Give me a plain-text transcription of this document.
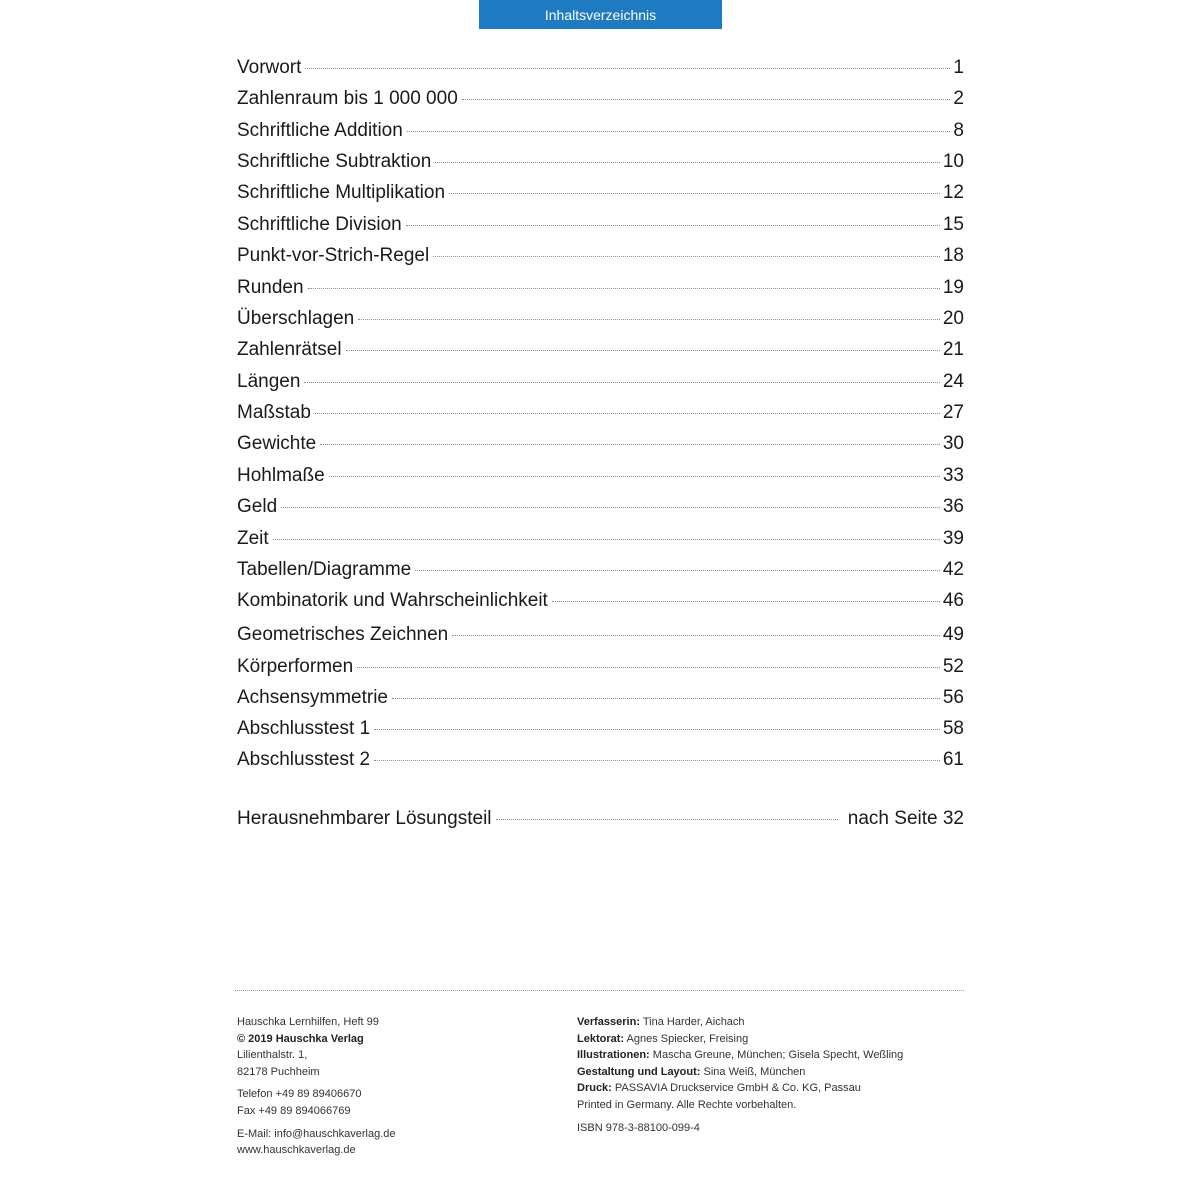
Inhaltsverzeichnis
Vorwort	1
Zahlenraum bis 1 000 000	2
Schriftliche Addition	8
Schriftliche Subtraktion	10
Schriftliche Multiplikation	12
Schriftliche Division	15
Punkt-vor-Strich-Regel	18
Runden	19
Überschlagen	20
Zahlenrätsel	21
Längen	24
Maßstab	27
Gewichte	30
Hohlmaße	33
Geld	36
Zeit	39
Tabellen/Diagramme	42
Kombinatorik und Wahrscheinlichkeit	46
Geometrisches Zeichnen	49
Körperformen	52
Achsensymmetrie	56
Abschlusstest 1	58
Abschlusstest 2	61
Herausnehmbarer Lösungsteil	nach Seite 32
Hauschka Lernhilfen, Heft 99
© 2019 Hauschka Verlag
Lilienthalstr. 1,
82178 Puchheim
Telefon +49 89 89406670
Fax +49 89 894066769
E-Mail: info@hauschkaverlag.de
www.hauschkaverlag.de
Verfasserin: Tina Harder, Aichach
Lektorat: Agnes Spiecker, Freising
Illustrationen: Mascha Greune, München; Gisela Specht, Weßling
Gestaltung und Layout: Sina Weiß, München
Druck: PASSAVIA Druckservice GmbH & Co. KG, Passau
Printed in Germany. Alle Rechte vorbehalten.
ISBN 978-3-88100-099-4
